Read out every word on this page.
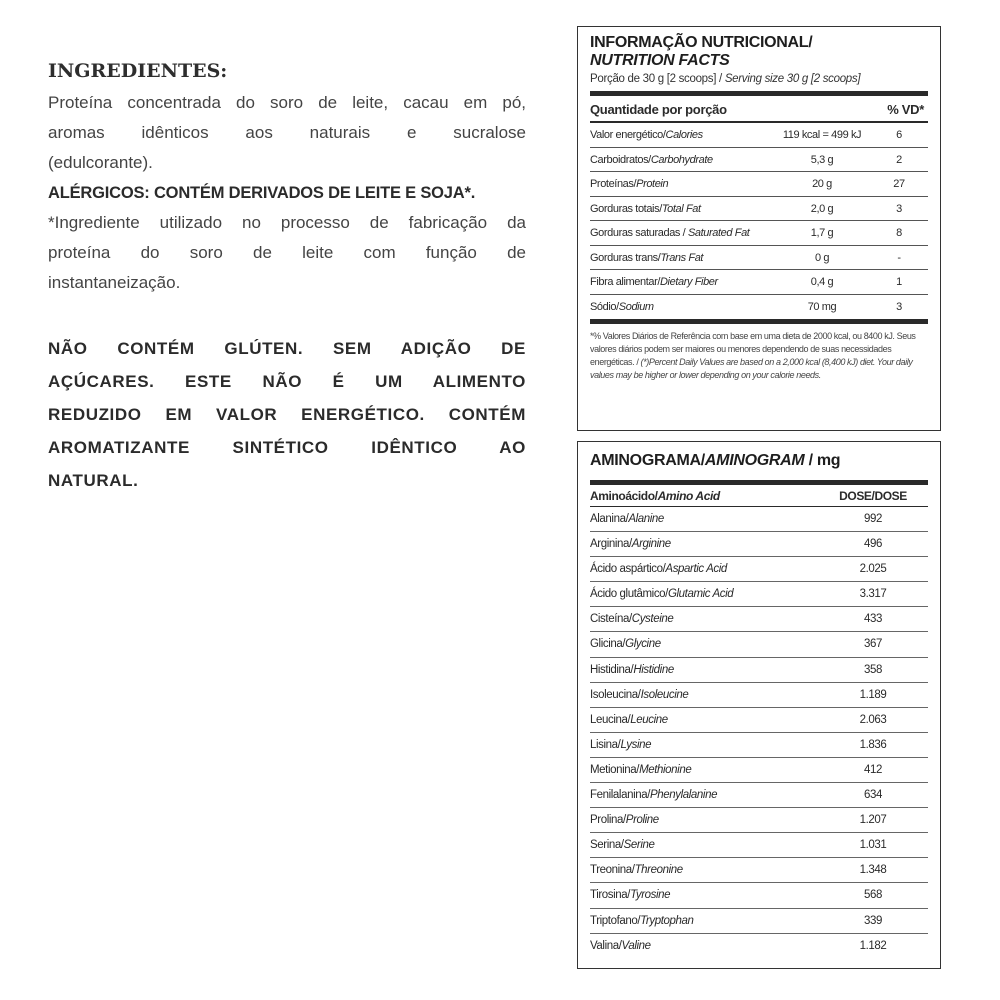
INGREDIENTES:
Proteína concentrada do soro de leite, cacau em pó,
aromas idênticos aos naturais e sucralose
(edulcorante).
ALÉRGICOS: CONTÉM DERIVADOS DE LEITE E SOJA*.
*Ingrediente utilizado no processo de fabricação da
proteína do soro de leite com função de
instantaneização.
NÃO CONTÉM GLÚTEN. SEM ADIÇÃO DE
AÇÚCARES. ESTE NÃO É UM ALIMENTO
REDUZIDO EM VALOR ENERGÉTICO. CONTÉM
AROMATIZANTE SINTÉTICO IDÊNTICO AO
NATURAL.
INFORMAÇÃO NUTRICIONAL/
NUTRITION FACTS
Porção de 30 g [2 scoops] / Serving size 30 g [2 scoops]
Quantidade por porção	% VD*
Valor energético/Calories	119 kcal = 499 kJ	6
Carboidratos/Carbohydrate	5,3 g	2
Proteínas/Protein	20 g	27
Gorduras totais/Total Fat	2,0 g	3
Gorduras saturadas / Saturated Fat	1,7 g	8
Gorduras trans/Trans Fat	0 g	-
Fibra alimentar/Dietary Fiber	0,4 g	1
Sódio/Sodium	70 mg	3
*% Valores Diários de Referência com base em uma dieta de 2000 kcal, ou 8400 kJ. Seus valores diários podem ser maiores ou menores dependendo de suas necessidades energéticas. / (*)Percent Daily Values are based on a 2,000 kcal (8,400 kJ) diet. Your daily values may be higher or lower depending on your calorie needs.
AMINOGRAMA/AMINOGRAM / mg
Aminoácido/Amino Acid	DOSE/DOSE
Alanina/Alanine	992
Arginina/Arginine	496
Ácido aspártico/Aspartic Acid	2.025
Ácido glutâmico/Glutamic Acid	3.317
Cisteína/Cysteine	433
Glicina/Glycine	367
Histidina/Histidine	358
Isoleucina/Isoleucine	1.189
Leucina/Leucine	2.063
Lisina/Lysine	1.836
Metionina/Methionine	412
Fenilalanina/Phenylalanine	634
Prolina/Proline	1.207
Serina/Serine	1.031
Treonina/Threonine	1.348
Tirosina/Tyrosine	568
Triptofano/Tryptophan	339
Valina/Valine	1.182
